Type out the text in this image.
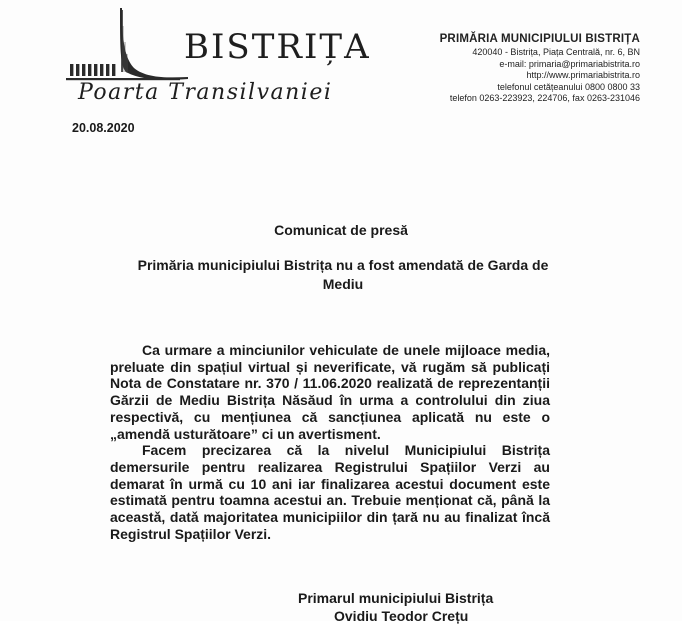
BISTRIȚA
Poarta Transilvaniei
PRIMĂRIA MUNICIPIULUI BISTRIȚA
420040 - Bistrița, Piața Centrală, nr. 6, BN
e-mail: primaria@primariabistrita.ro
http://www.primariabistrita.ro
telefonul cetățeanului 0800 0800 33
telefon 0263-223923, 224706, fax 0263-231046
20.08.2020
Comunicat de presă
Primăria municipiului Bistrița nu a fost amendată de Garda de Mediu

Ca urmare a minciunilor vehiculate de unele mijloace media, preluate din spațiul virtual și neverificate, vă rugăm să publicați Nota de Constatare nr. 370 / 11.06.2020 realizată de reprezentanții Gărzii de Mediu Bistrița Năsăud în urma a controlului din ziua respectivă, cu mențiunea că sancțiunea aplicată nu este o „amendă usturătoare” ci un avertisment.

Facem precizarea că la nivelul Municipiului Bistrița demersurile pentru realizarea Registrului Spațiilor Verzi au demarat în urmă cu 10 ani iar finalizarea acestui document este estimată pentru toamna acestui an. Trebuie menționat că, până la aceastǎ, datǎ majoritatea municipiilor din țară nu au finalizat încă Registrul Spațiilor Verzi.

Primarul municipiului Bistrița
Ovidiu Teodor Crețu
